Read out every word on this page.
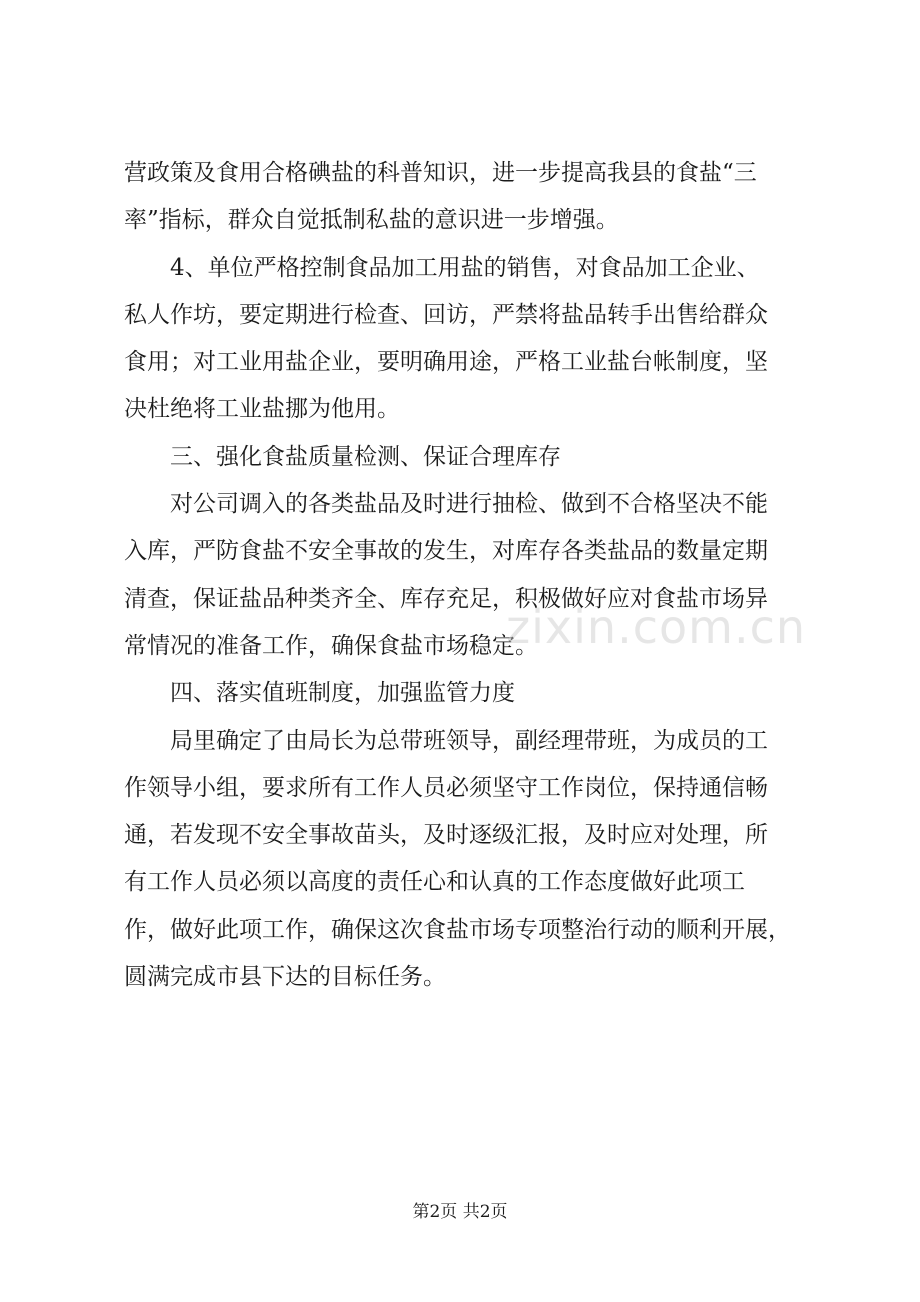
营政策及食用合格碘盐的科普知识，进一步提高我县的食盐“三
率”指标，群众自觉抵制私盐的意识进一步增强。
　　4、单位严格控制食品加工用盐的销售，对食品加工企业、
私人作坊，要定期进行检查、回访，严禁将盐品转手出售给群众
食用；对工业用盐企业，要明确用途，严格工业盐台帐制度，坚
决杜绝将工业盐挪为他用。
　　三、强化食盐质量检测、保证合理库存
　　对公司调入的各类盐品及时进行抽检、做到不合格坚决不能
入库，严防食盐不安全事故的发生，对库存各类盐品的数量定期
清查，保证盐品种类齐全、库存充足，积极做好应对食盐市场异
常情况的准备工作，确保食盐市场稳定。
　　四、落实值班制度，加强监管力度
　　局里确定了由局长为总带班领导，副经理带班，为成员的工
作领导小组，要求所有工作人员必须坚守工作岗位，保持通信畅
通，若发现不安全事故苗头，及时逐级汇报，及时应对处理，所
有工作人员必须以高度的责任心和认真的工作态度做好此项工
作，做好此项工作，确保这次食盐市场专项整治行动的顺利开展，
圆满完成市县下达的目标任务。
zixin.com.cn
第2页 共2页
